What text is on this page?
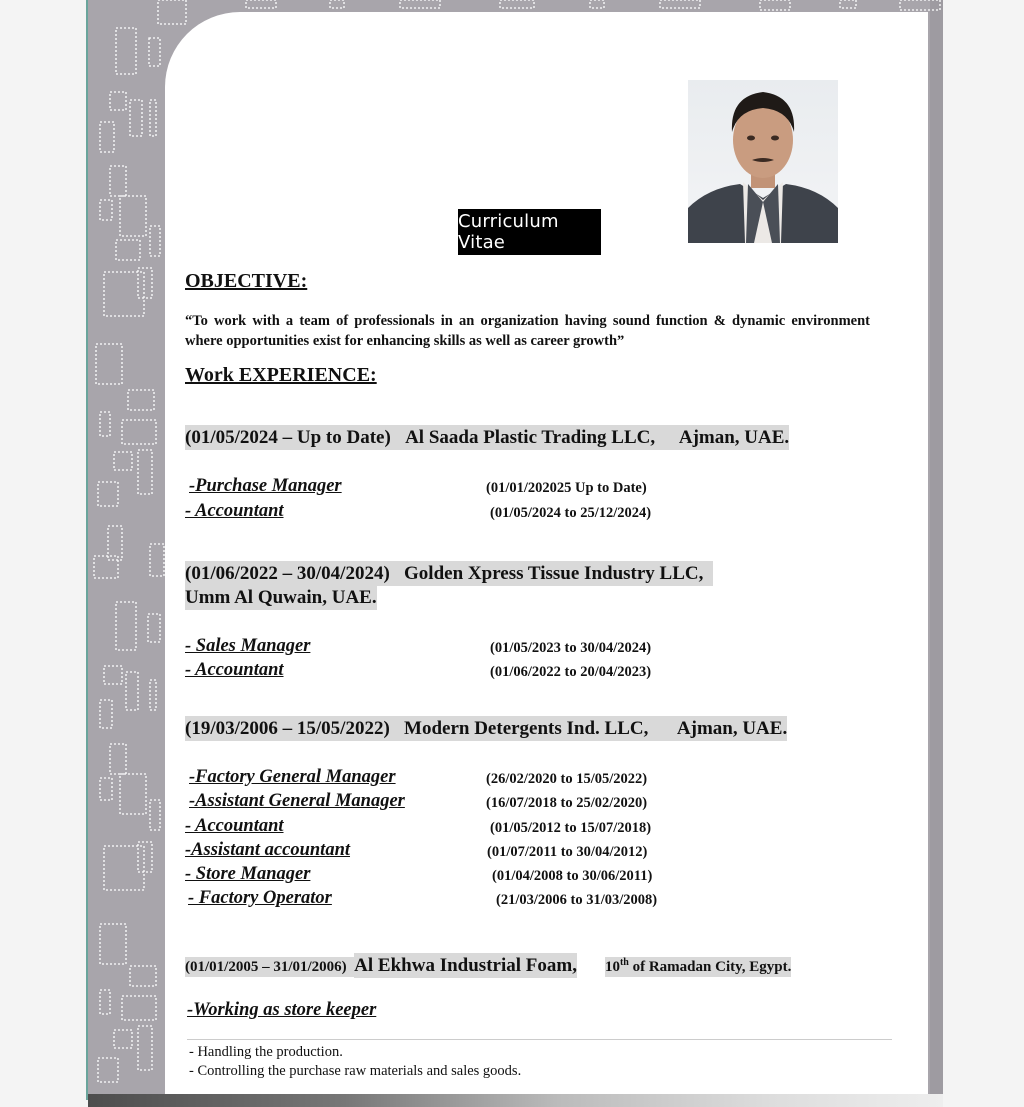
Curriculum Vitae
OBJECTIVE:
“To work with a team of professionals in an organization having sound function & dynamic environment where opportunities exist for enhancing skills as well as career growth”
Work EXPERIENCE:
(01/05/2024 – Up to Date) Al Saada Plastic Trading LLC, Ajman, UAE.
-Purchase Manager	(01/01/202025 Up to Date)
- Accountant	(01/05/2024 to 25/12/2024)
(01/06/2022 – 30/04/2024) Golden Xpress Tissue Industry LLC,
Umm Al Quwain, UAE.
- Sales Manager	(01/05/2023 to 30/04/2024)
- Accountant	(01/06/2022 to 20/04/2023)
(19/03/2006 – 15/05/2022) Modern Detergents Ind. LLC, Ajman, UAE.
-Factory General Manager	(26/02/2020 to 15/05/2022)
-Assistant General Manager	(16/07/2018 to 25/02/2020)
- Accountant	(01/05/2012 to 15/07/2018)
-Assistant accountant	(01/07/2011 to 30/04/2012)
- Store Manager	(01/04/2008 to 30/06/2011)
- Factory Operator	(21/03/2006 to 31/03/2008)
(01/01/2005 – 31/01/2006) Al Ekhwa Industrial Foam, 10th of Ramadan City, Egypt.
-Working as store keeper
- Handling the production.
- Controlling the purchase raw materials and sales goods.
